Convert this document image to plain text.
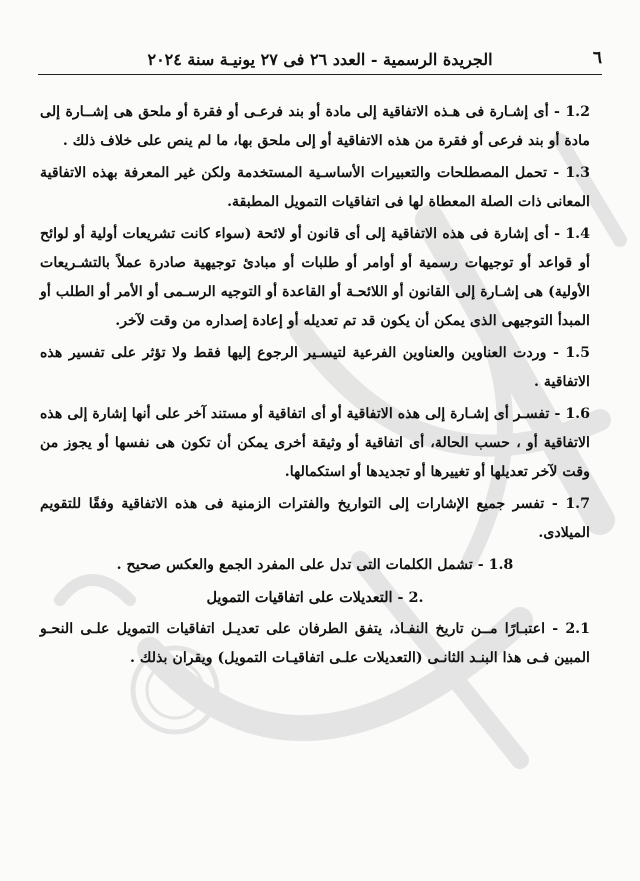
٦
الجريدة الرسمية - العدد ٢٦ فى ٢٧ يونيـة سنة ٢٠٢٤

1.2 - أى إشـارة فى هـذه الاتفاقية إلى مادة أو بند فرعـى أو فقرة أو ملحق هى إشــارة إلى مادة أو بند فرعى أو فقرة من هذه الاتفاقية أو إلى ملحق بها، ما لم ينص على خلاف ذلك .

1.3 - تحمل المصطلحات والتعبيرات الأساسـية المستخدمة ولكن غير المعرفة بهذه الاتفاقية المعانى ذات الصلة المعطاة لها فى اتفاقيات التمويل المطبقة.

1.4 - أى إشارة فى هذه الاتفاقية إلى أى قانون أو لائحة (سواء كانت تشريعات أولية أو لوائح أو قواعد أو توجيهات رسمية أو أوامر أو طلبات أو مبادئ توجيهية صادرة عملاً بالتشـريعات الأولية) هى إشـارة إلى القانون أو اللائحـة أو القاعدة أو التوجيه الرسـمى أو الأمر أو الطلب أو المبدأ التوجيهى الذى يمكن أن يكون قد تم تعديله أو إعادة إصداره من وقت لآخر.

1.5 - وردت العناوين والعناوين الفرعية لتيسـير الرجوع إليها فقط ولا تؤثر على تفسير هذه الاتفاقية .

1.6 - تفسـر أى إشـارة إلى هذه الاتفاقية أو أى اتفاقية أو مستند آخر على أنها إشارة إلى هذه الاتفاقية أو ، حسب الحالة، أى اتفاقية أو وثيقة أخرى يمكن أن تكون هى نفسها أو يجوز من وقت لآخر تعديلها أو تغييرها أو تجديدها أو استكمالها.

1.7 - تفسر جميع الإشارات إلى التواريخ والفترات الزمنية فى هذه الاتفاقية وفقًا للتقويم الميلادى.

1.8 - تشمل الكلمات التى تدل على المفرد الجمع والعكس صحيح .

2. - التعديلات على اتفاقيات التمويل

2.1 - اعتبـارًا مــن تاريخ النفـاذ، يتفق الطرفان على تعديـل اتفاقيات التمويل علـى النحـو المبين فـى هذا البنـد الثانـى (التعديلات علـى اتفاقيـات التمويل) ويقران بذلك .
